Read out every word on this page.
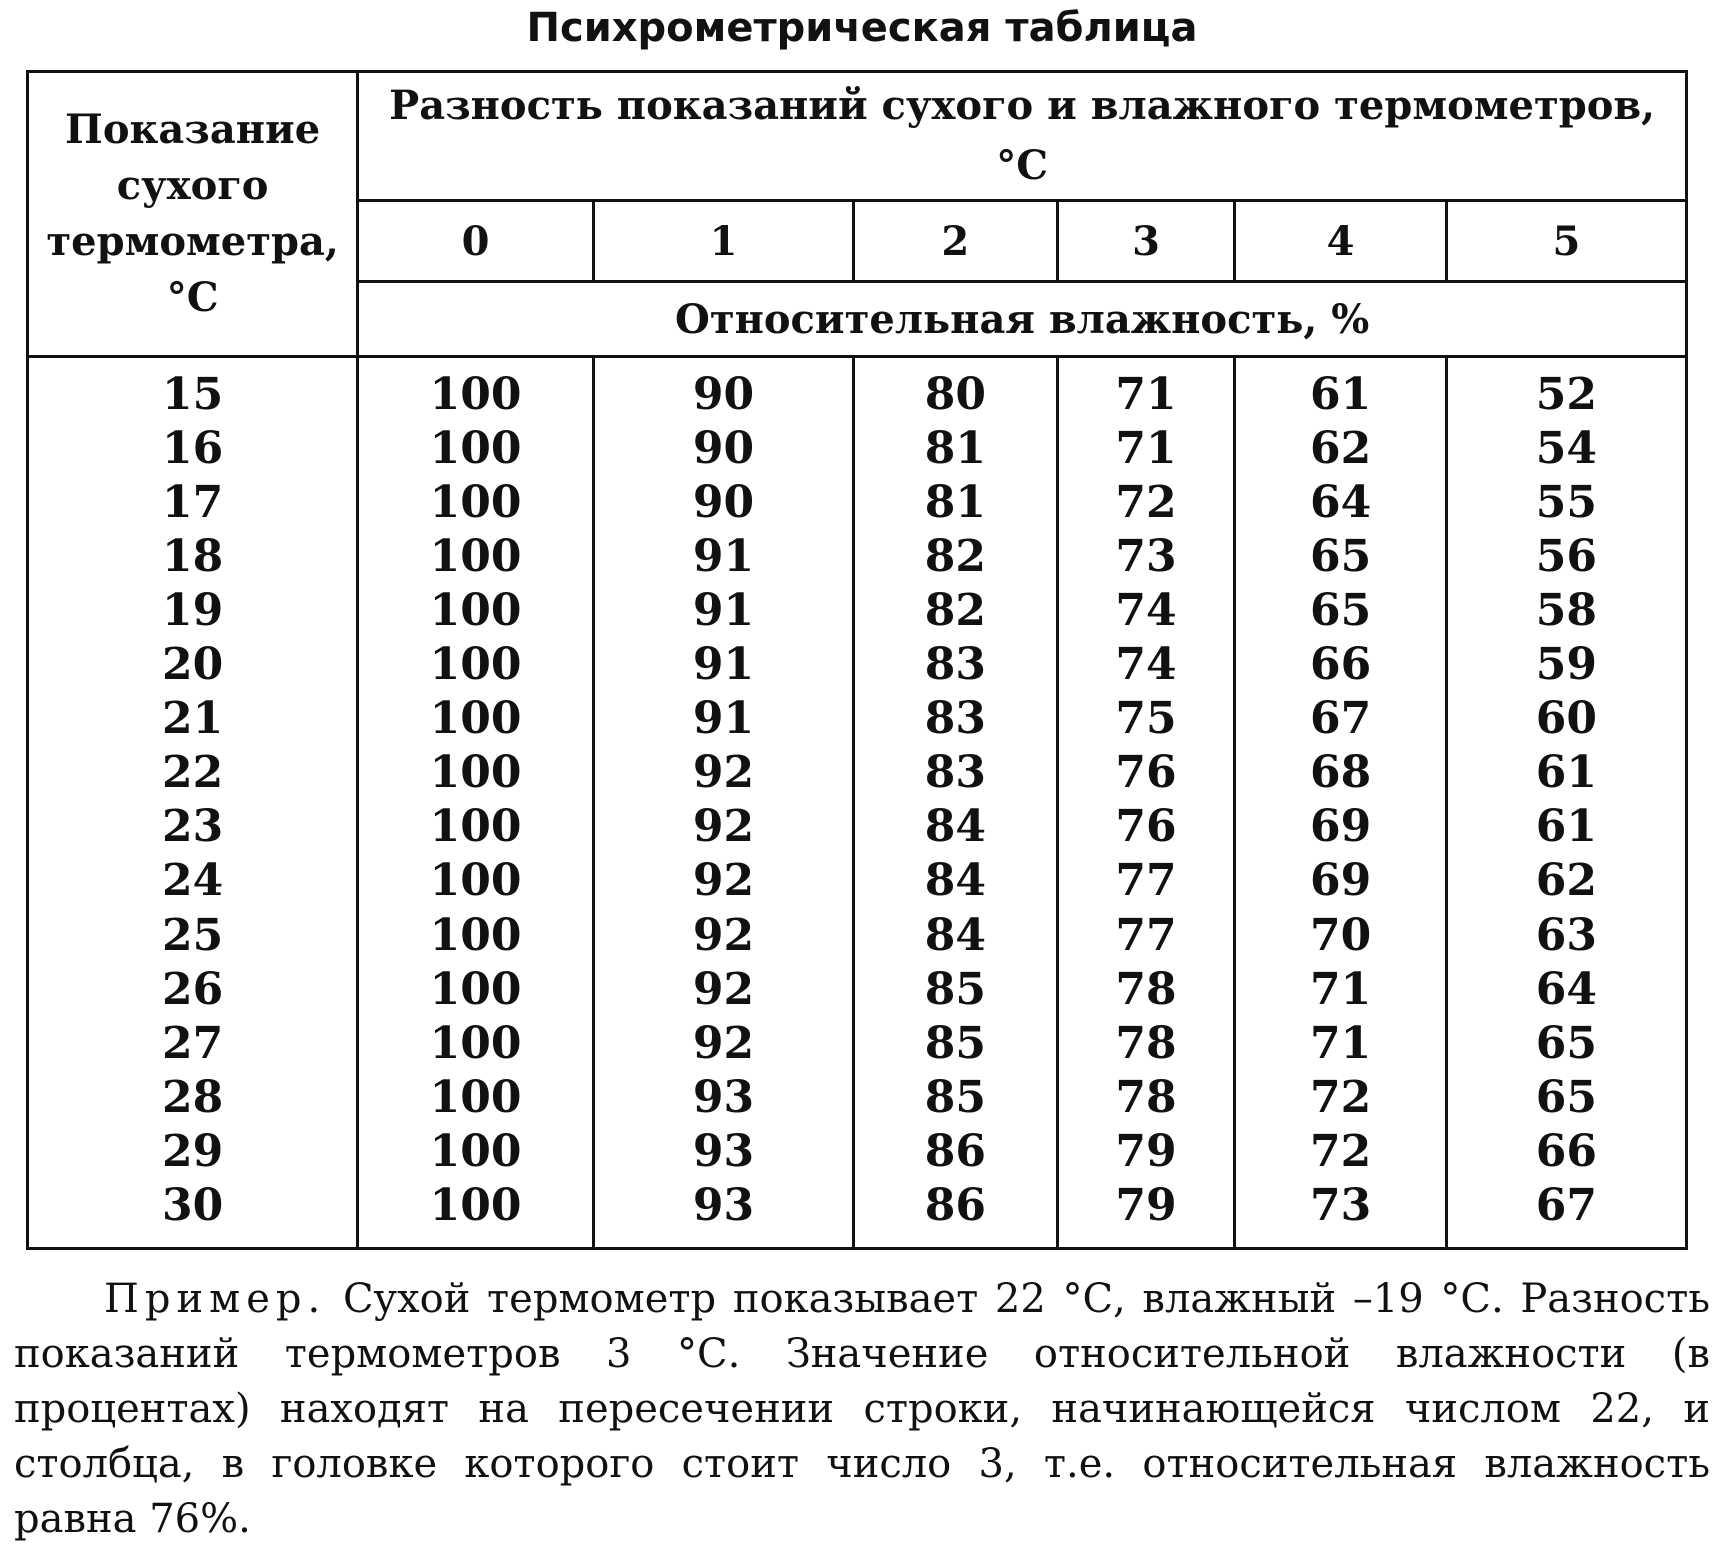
Психрометрическая таблица
Показание сухого термометра, °С	Разность показаний сухого и влажного термометров, °С					
	0	1	2	3	4	5
	Относительная влажность, %					
15	100	90	80	71	61	52
16	100	90	81	71	62	54
17	100	90	81	72	64	55
18	100	91	82	73	65	56
19	100	91	82	74	65	58
20	100	91	83	74	66	59
21	100	91	83	75	67	60
22	100	92	83	76	68	61
23	100	92	84	76	69	61
24	100	92	84	77	69	62
25	100	92	84	77	70	63
26	100	92	85	78	71	64
27	100	92	85	78	71	65
28	100	93	85	78	72	65
29	100	93	86	79	72	66
30	100	93	86	79	73	67
Пример. Сухой термометр показывает 22 °С, влажный –19 °С. Разность показаний термометров 3 °С. Значение относительной влажности (в процентах) находят на пересечении строки, начинающейся числом 22, и столбца, в головке которого стоит число 3, т.е. относительная влажность равна 76%.
